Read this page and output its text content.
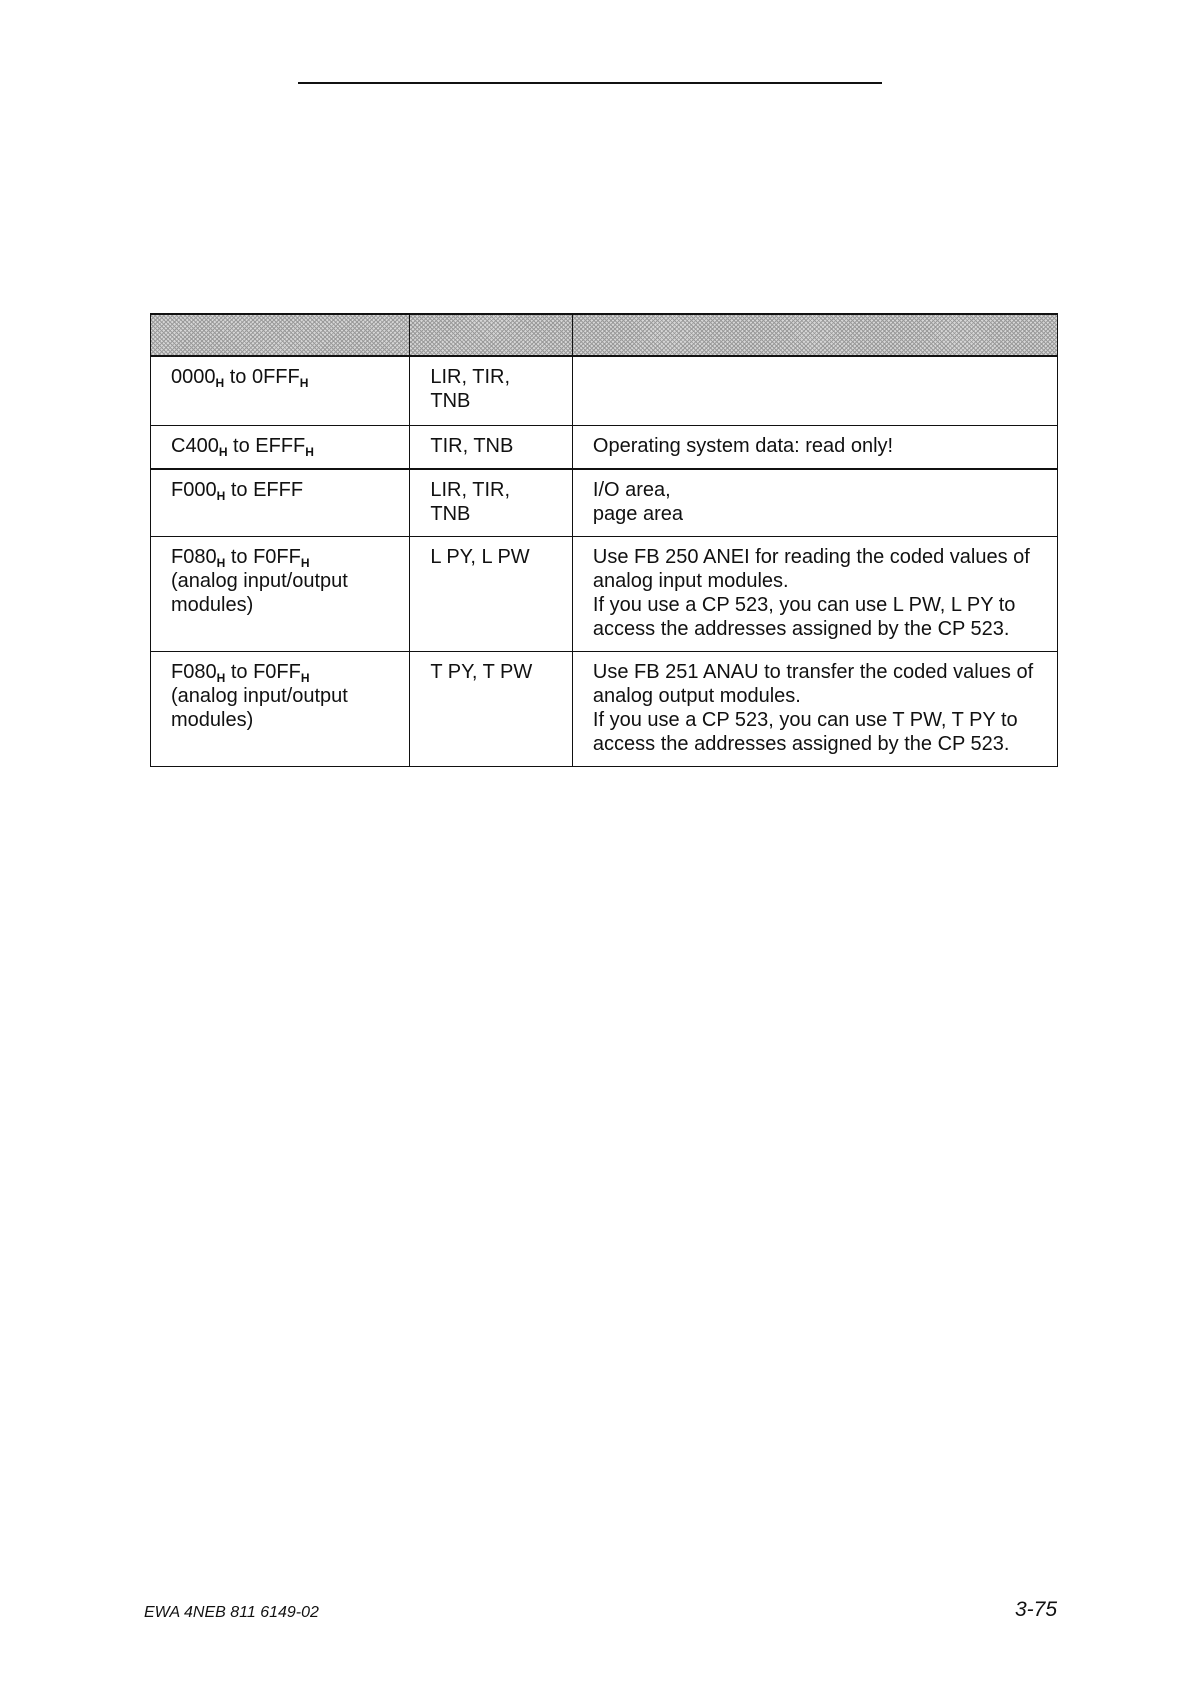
$0000_H$ to $0FFF_H$	LIR, TIR, TNB	
$C400_H$ to $EFFF_H$	TIR, TNB	Operating system data: read only!

$F000_H$ to EFFF	LIR, TIR, TNB	I/O area,
page area

$F080_H$ to $F0FF_H$
(analog input/output
modules)	L PY, L PW	Use FB 250 ANEI for reading the coded values of
analog input modules.
If you use a CP 523, you can use L PW, L PY to
access the addresses assigned by the CP 523.

$F080_H$ to $F0FF_H$
(analog input/output
modules)	T PY, T PW	Use FB 251 ANAU to transfer the coded values of
analog output modules.
If you use a CP 523, you can use T PW, T PY to
access the addresses assigned by the CP 523.
EWA 4NEB 811 6149-02	3-75
